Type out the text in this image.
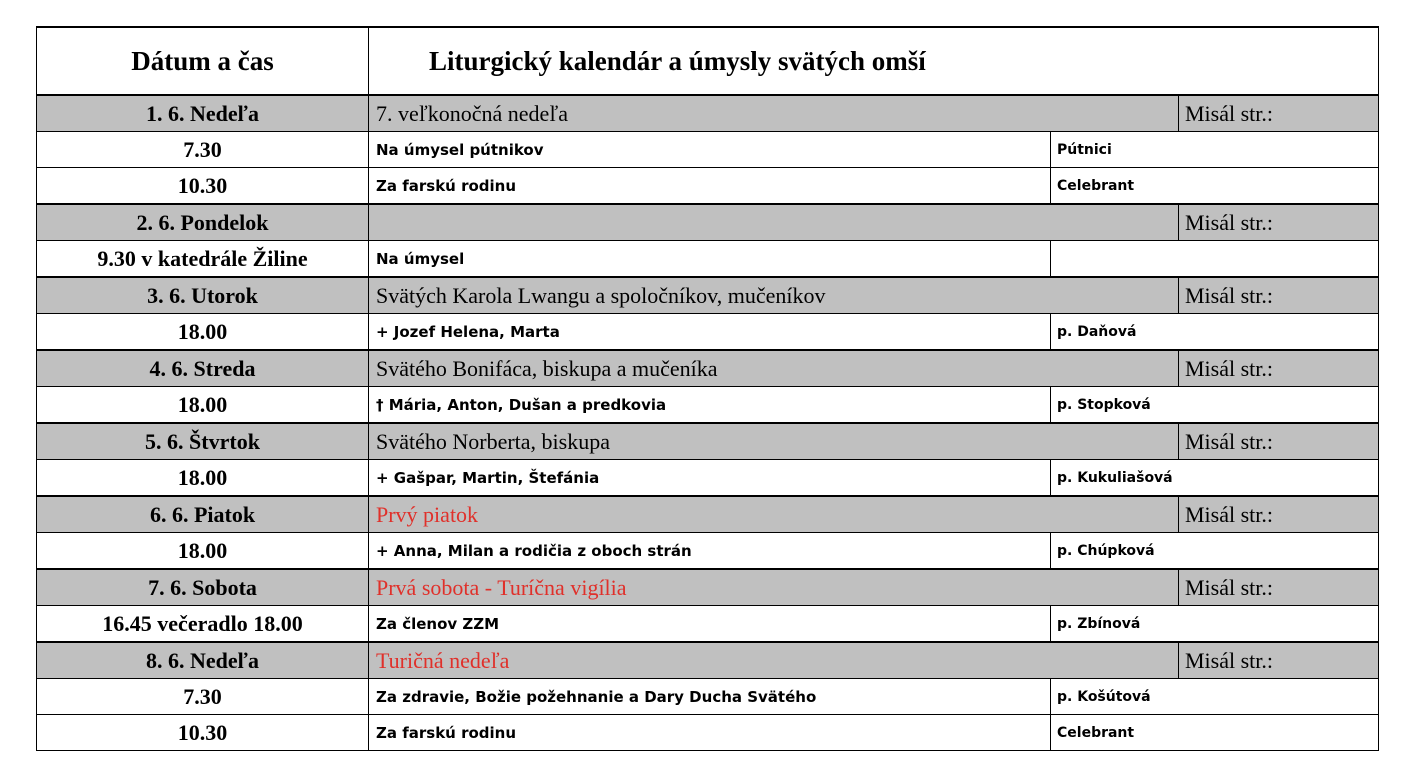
Dátum a čas	Liturgický kalendár a úmysly svätých omší		
1. 6. Nedeľa	7. veľkonočná nedeľa		Misál str.:
7.30	Na úmysel pútnikov	Pútnici	
10.30	Za farskú rodinu	Celebrant	
2. 6. Pondelok			Misál str.:
9.30 v katedrále Žiline	Na úmysel		
3. 6. Utorok	Svätých Karola Lwangu a spoločníkov, mučeníkov		Misál str.:
18.00	+ Jozef Helena, Marta	p. Daňová	
4. 6. Streda	Svätého Bonifáca, biskupa a mučeníka		Misál str.:
18.00	† Mária, Anton, Dušan a predkovia	p. Stopková	
5. 6. Štvrtok	Svätého Norberta, biskupa		Misál str.:
18.00	+ Gašpar, Martin, Štefánia	p. Kukuliašová	
6. 6. Piatok	Prvý piatok		Misál str.:
18.00	+ Anna, Milan a rodičia z oboch strán	p. Chúpková	
7. 6. Sobota	Prvá sobota - Turíčna vigília		Misál str.:
16.45 večeradlo 18.00	Za členov ZZM	p. Zbínová	
8. 6. Nedeľa	Turičná nedeľa		Misál str.:
7.30	Za zdravie, Božie požehnanie a Dary Ducha Svätého	p. Košútová	
10.30	Za farskú rodinu	Celebrant	
